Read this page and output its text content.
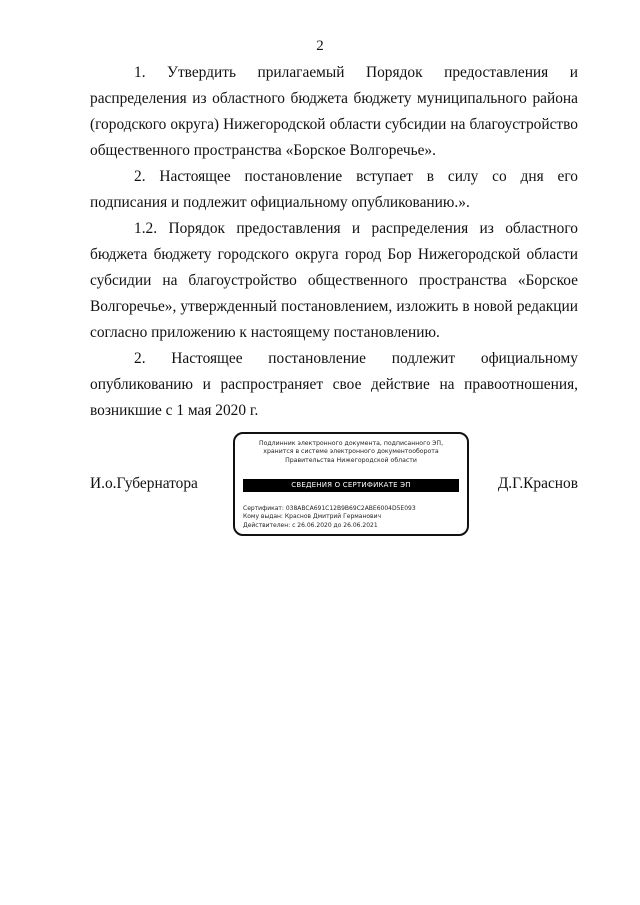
2

1. Утвердить прилагаемый Порядок предоставления и распределения из областного бюджета бюджету муниципального района (городского округа) Нижегородской области субсидии на благоустройство общественного пространства «Борское Волгоречье».

2. Настоящее постановление вступает в силу со дня его подписания и подлежит официальному опубликованию.».

1.2. Порядок предоставления и распределения из областного бюджета бюджету городского округа город Бор Нижегородской области субсидии на благоустройство общественного пространства «Борское Волгоречье», утвержденный постановлением, изложить в новой редакции согласно приложению к настоящему постановлению.

2. Настоящее постановление подлежит официальному опубликованию и распространяет свое действие на правоотношения, возникшие с 1 мая 2020 г.

И.о.Губернатора
Подлинник электронного документа, подписанного ЭП,
хранится в системе электронного документооборота
Правительства Нижегородской области
СВЕДЕНИЯ О СЕРТИФИКАТЕ ЭП
Сертификат: 038ABCA691C12B9B69C2ABE6004D5E093
Кому выдан: Краснов Дмитрий Германович
Действителен: с 26.06.2020 до 26.06.2021
Д.Г.Краснов
